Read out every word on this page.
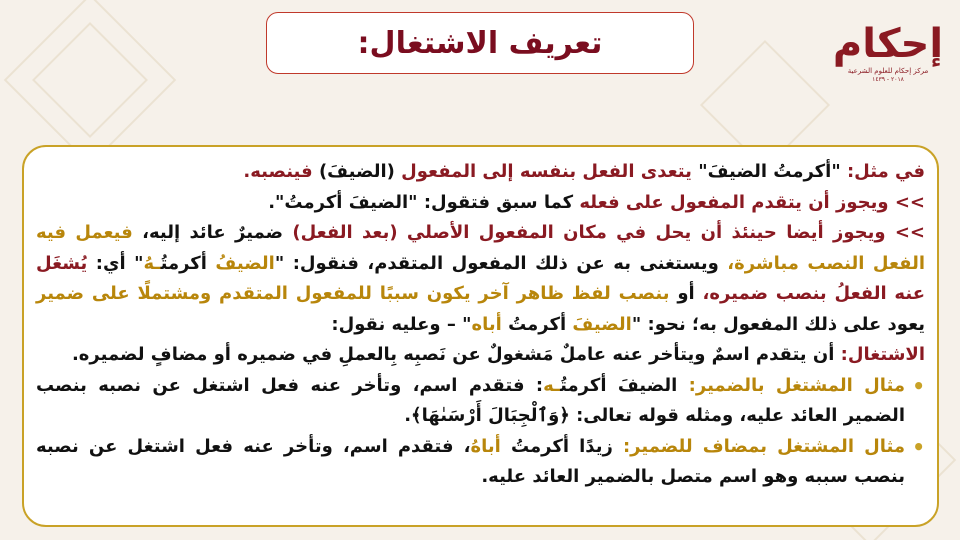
تعريف الاشتغال:	إحكام
مركز إحكام للعلوم الشرعية
٢٠١٨ - ١٤٣٩

في مثل: "أكرمتُ الضيفَ" يتعدى الفعل بنفسه إلى المفعول (الضيفَ) فينصبه.

>> ويجوز أن يتقدم المفعول على فعله كما سبق فتقول: "الضيفَ أكرمتُ".

>> ويجوز أيضا حينئذ أن يحل في مكان المفعول الأصلي (بعد الفعل) ضميرٌ عائد إليه، فيعمل فيه الفعل النصب مباشرة، ويستغنى به عن ذلك المفعول المتقدم، فنقول: "الضيفُ أكرمتُـهُ" أي: يُشغَل عنه الفعلُ بنصب ضميره، أو بنصب لفظ ظاهر آخر يكون سببًا للمفعول المتقدم ومشتملًا على ضمير يعود على ذلك المفعول به؛ نحو: "الضيفَ أكرمتُ أباه" – وعليه نقول:

الاشتغال: أن يتقدم اسمٌ ويتأخر عنه عاملٌ مَشغولٌ عن نَصبِه بِالعملِ في ضميره أو مضافٍ لضميره.

• مثال المشتغل بالضمير: الضيفَ أكرمتُـه: فتقدم اسم، وتأخر عنه فعل اشتغل عن نصبه بنصب الضمير العائد عليه، ومثله قوله تعالى: ﴿وَٱلْجِبَالَ أَرْسَىٰهَا﴾.
• مثال المشتغل بمضاف للضمير: زيدًا أكرمتُ أباهُ، فتقدم اسم، وتأخر عنه فعل اشتغل عن نصبه بنصب سببه وهو اسم متصل بالضمير العائد عليه.
